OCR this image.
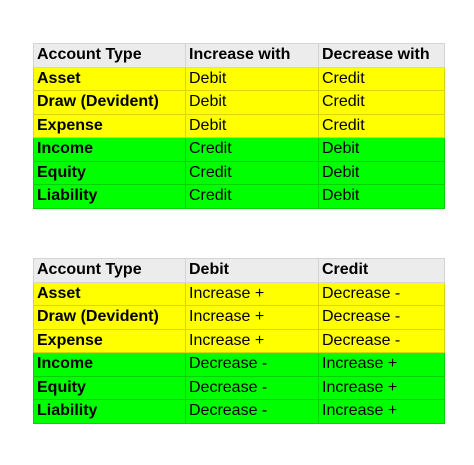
Account Type	Increase with	Decrease with
Asset	Debit	Credit
Draw (Devident)	Debit	Credit
Expense	Debit	Credit
Income	Credit	Debit
Equity	Credit	Debit
Liability	Credit	Debit
Account Type	Debit	Credit
Asset	Increase +	Decrease -
Draw (Devident)	Increase +	Decrease -
Expense	Increase +	Decrease -
Income	Decrease -	Increase +
Equity	Decrease -	Increase +
Liability	Decrease -	Increase +
